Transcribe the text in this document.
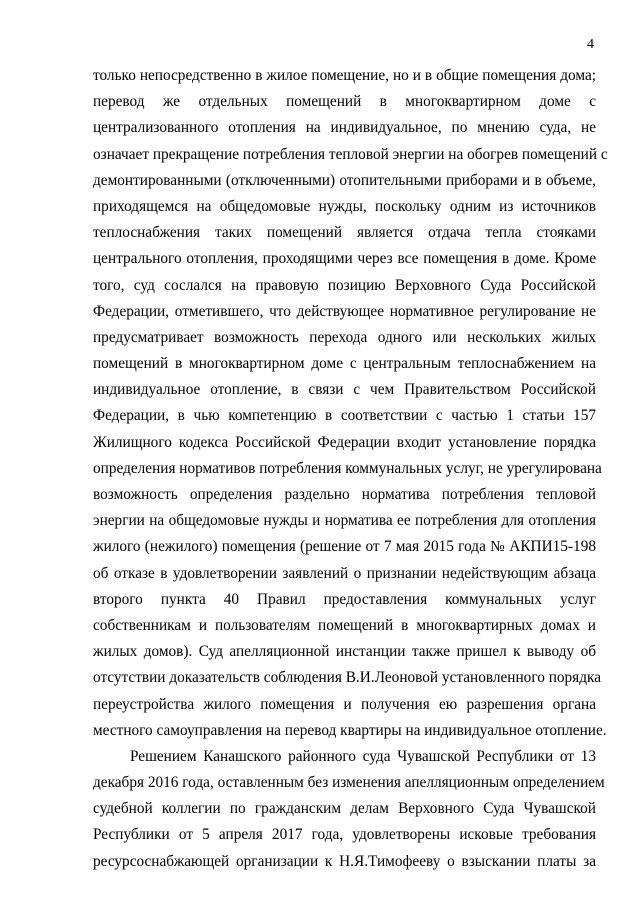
4
только непосредственно в жилое помещение, но и в общие помещения дома;
перевод же отдельных помещений в многоквартирном доме с
централизованного отопления на индивидуальное, по мнению суда, не
означает прекращение потребления тепловой энергии на обогрев помещений с
демонтированными (отключенными) отопительными приборами и в объеме,
приходящемся на общедомовые нужды, поскольку одним из источников
теплоснабжения таких помещений является отдача тепла стояками
центрального отопления, проходящими через все помещения в доме. Кроме
того, суд сослался на правовую позицию Верховного Суда Российской
Федерации, отметившего, что действующее нормативное регулирование не
предусматривает возможность перехода одного или нескольких жилых
помещений в многоквартирном доме с центральным теплоснабжением на
индивидуальное отопление, в связи с чем Правительством Российской
Федерации, в чью компетенцию в соответствии с частью 1 статьи 157
Жилищного кодекса Российской Федерации входит установление порядка
определения нормативов потребления коммунальных услуг, не урегулирована
возможность определения раздельно норматива потребления тепловой
энергии на общедомовые нужды и норматива ее потребления для отопления
жилого (нежилого) помещения (решение от 7 мая 2015 года № АКПИ15-198
об отказе в удовлетворении заявлений о признании недействующим абзаца
второго пункта 40 Правил предоставления коммунальных услуг
собственникам и пользователям помещений в многоквартирных домах и
жилых домов). Суд апелляционной инстанции также пришел к выводу об
отсутствии доказательств соблюдения В.И.Леоновой установленного порядка
переустройства жилого помещения и получения ею разрешения органа
местного самоуправления на перевод квартиры на индивидуальное отопление.
Решением Канашского районного суда Чувашской Республики от 13
декабря 2016 года, оставленным без изменения апелляционным определением
судебной коллегии по гражданским делам Верховного Суда Чувашской
Республики от 5 апреля 2017 года, удовлетворены исковые требования
ресурсоснабжающей организации к Н.Я.Тимофееву о взыскании платы за
